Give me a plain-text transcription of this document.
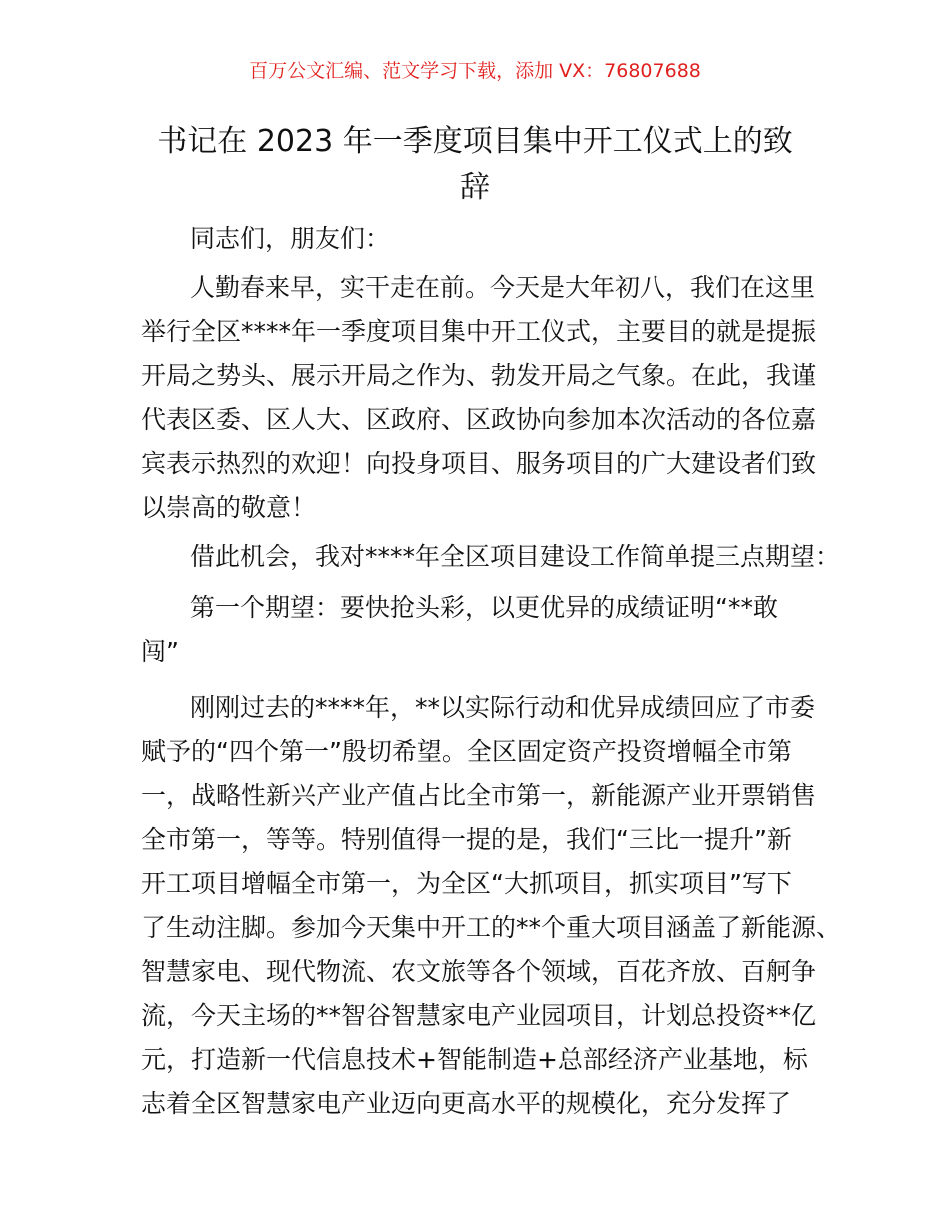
百万公文汇编、范文学习下载，添加 VX：76807688
书记在 2023 年一季度项目集中开工仪式上的致
辞
同志们，朋友们：
人勤春来早，实干走在前。今天是大年初八，我们在这里
举行全区****年一季度项目集中开工仪式，主要目的就是提振
开局之势头、展示开局之作为、勃发开局之气象。在此，我谨
代表区委、区人大、区政府、区政协向参加本次活动的各位嘉
宾表示热烈的欢迎！向投身项目、服务项目的广大建设者们致
以崇高的敬意！
借此机会，我对****年全区项目建设工作简单提三点期望：
第一个期望：要快抢头彩，以更优异的成绩证明“**敢
闯”
刚刚过去的****年，**以实际行动和优异成绩回应了市委
赋予的“四个第一”殷切希望。全区固定资产投资增幅全市第
一，战略性新兴产业产值占比全市第一，新能源产业开票销售
全市第一，等等。特别值得一提的是，我们“三比一提升”新
开工项目增幅全市第一，为全区“大抓项目，抓实项目”写下
了生动注脚。参加今天集中开工的**个重大项目涵盖了新能源、
智慧家电、现代物流、农文旅等各个领域，百花齐放、百舸争
流，今天主场的**智谷智慧家电产业园项目，计划总投资**亿
元，打造新一代信息技术+智能制造+总部经济产业基地，标
志着全区智慧家电产业迈向更高水平的规模化，充分发挥了
